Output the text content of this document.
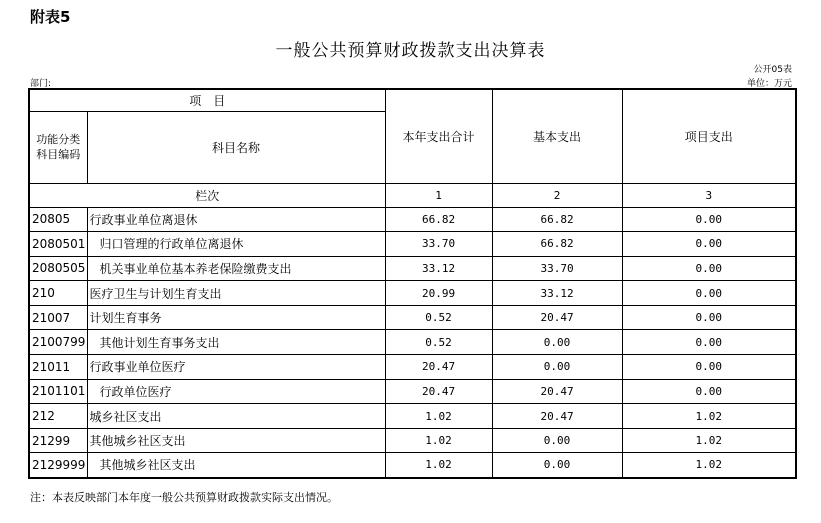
附表5
一般公共预算财政拨款支出决算表
公开05表
部门:	单位：万元
项　目		本年支出合计	基本支出	项目支出

功能分类
科目编码	科目名称			
栏次		1	2	3
20805	行政事业单位离退休	66.82	66.82	0.00
2080501	归口管理的行政单位离退休	33.70	66.82	0.00
2080505	机关事业单位基本养老保险缴费支出	33.12	33.70	0.00
210	医疗卫生与计划生育支出	20.99	33.12	0.00
21007	计划生育事务	0.52	20.47	0.00
2100799	其他计划生育事务支出	0.52	0.00	0.00
21011	行政事业单位医疗	20.47	0.00	0.00
2101101	行政单位医疗	20.47	20.47	0.00
212	城乡社区支出	1.02	20.47	1.02
21299	其他城乡社区支出	1.02	0.00	1.02
2129999	其他城乡社区支出	1.02	0.00	1.02
注：本表反映部门本年度一般公共预算财政拨款实际支出情况。
